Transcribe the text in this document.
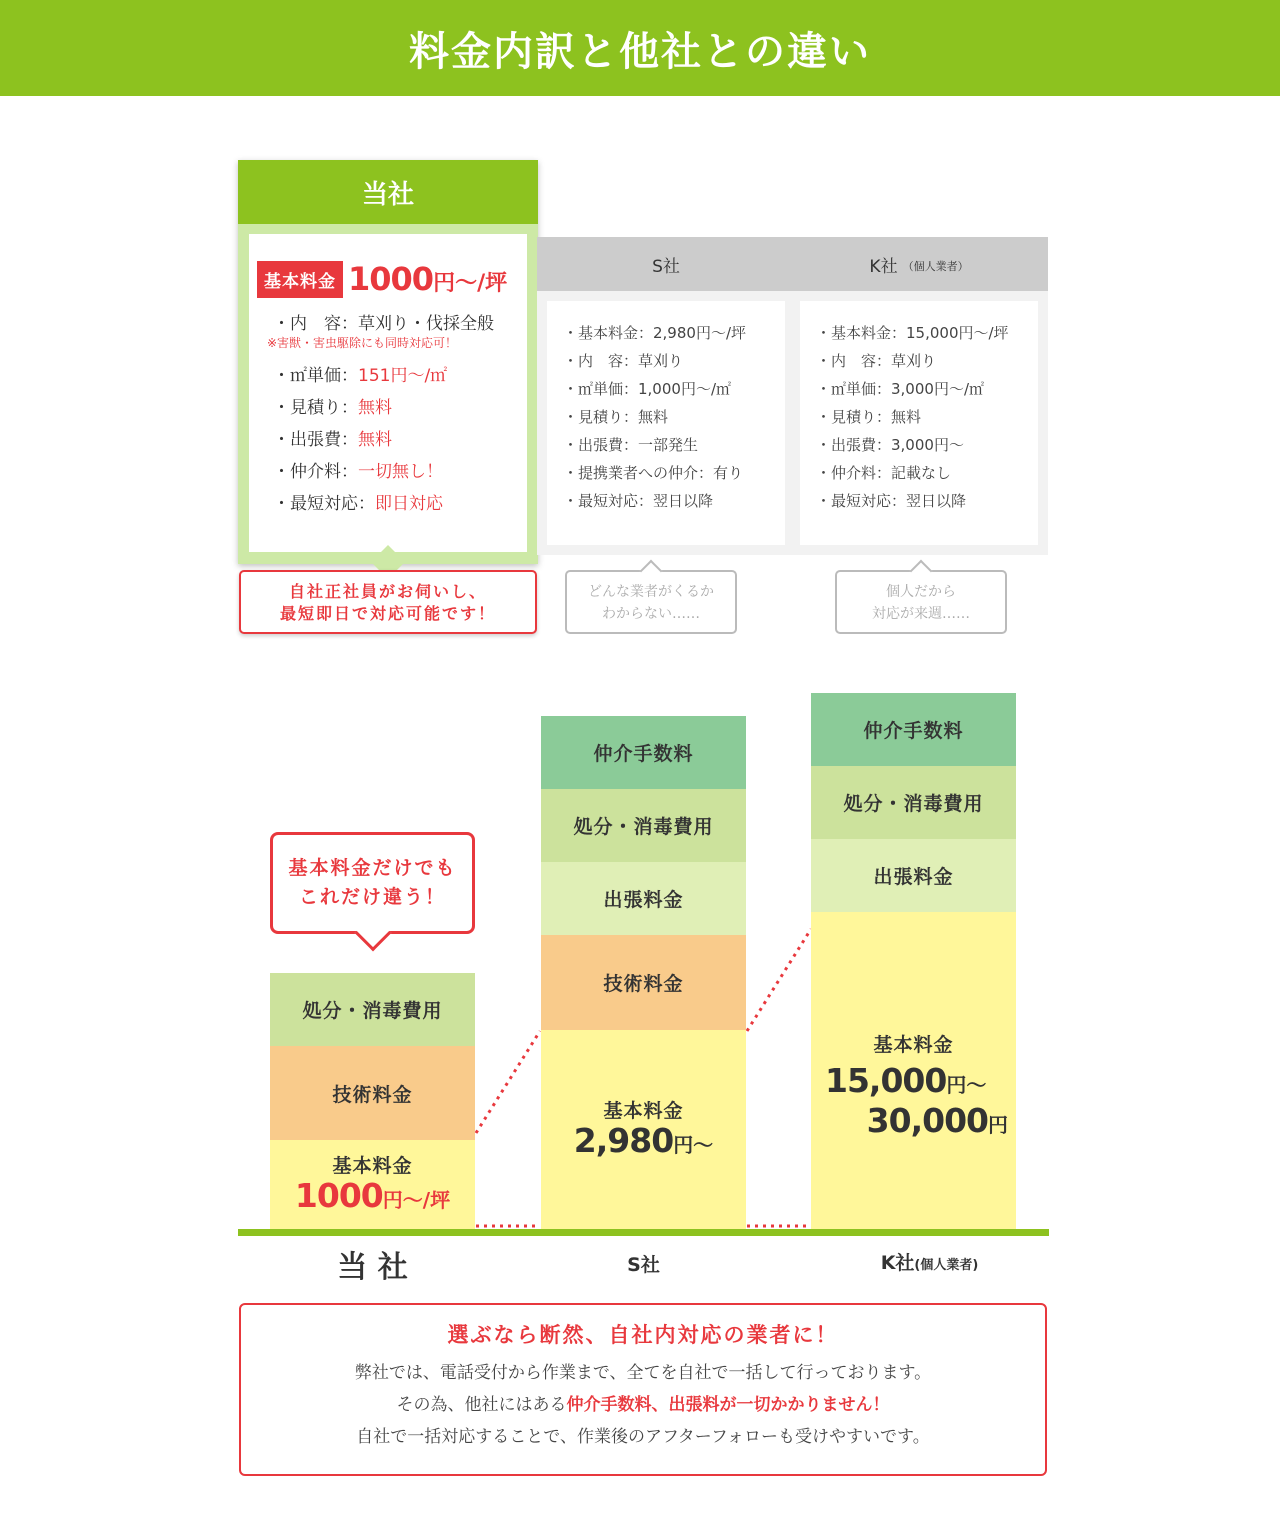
料金内訳と他社との違い
当社
基本料金 1000円〜/坪
・内　容：草刈り・伐採全般
※害獣・害虫駆除にも同時対応可！
・㎡単価：151円〜/㎡
・見積り：無料
・出張費：無料
・仲介料：一切無し！
・最短対応：即日対応
S社
・基本料金：2,980円〜/坪
・内　容：草刈り
・㎡単価：1,000円〜/㎡
・見積り：無料
・出張費：一部発生
・提携業者への仲介：有り
・最短対応：翌日以降
K社 （個人業者）
・基本料金：15,000円〜/坪
・内　容：草刈り
・㎡単価：3,000円〜/㎡
・見積り：無料
・出張費：3,000円〜
・仲介料：記載なし
・最短対応：翌日以降
自社正社員がお伺いし、
最短即日で対応可能です！
どんな業者がくるか
わからない……
個人だから
対応が来週……
基本料金だけでも
これだけ違う！
処分・消毒費用
技術料金
基本料金
1000円〜/坪
仲介手数料
処分・消毒費用
出張料金
技術料金
基本料金
2,980円〜
仲介手数料
処分・消毒費用
出張料金
基本料金
15,000円〜
30,000円
当 社	S社	K社(個人業者)
選ぶなら断然、自社内対応の業者に！

弊社では、電話受付から作業まで、全てを自社で一括して行っております。

その為、他社にはある仲介手数料、出張料が一切かかりません！

自社で一括対応することで、作業後のアフターフォローも受けやすいです。
